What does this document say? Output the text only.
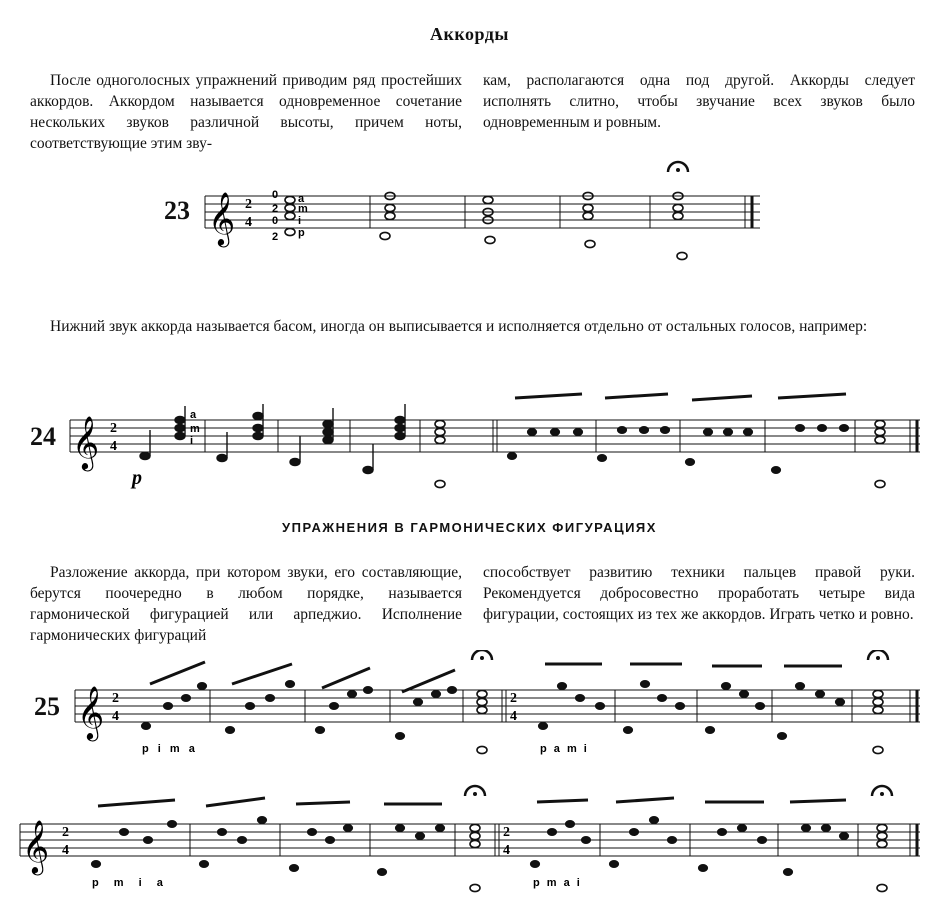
Аккорды

После одноголосных упражнений приводим ряд простейших аккордов. Аккордом называется одновременное сочетание нескольких звуков различной высоты, причем ноты, соответствующие этим зву-

кам, располагаются одна под другой. Аккорды следует исполнять слитно, чтобы звучание всех звуков было одновременным и ровным.

23 𝄞 2
4
0
2
0
2
a
m
i
p
Нижний звук аккорда называется басом, иногда он выписывается и исполняется отдельно от остальных голосов, например:
24 𝄞 2
4
p
a
m
i
УПРАЖНЕНИЯ В ГАРМОНИЧЕСКИХ ФИГУРАЦИЯХ

Разложение аккорда, при котором звуки, его составляющие, берутся поочередно в любом порядке, называется гармонической фигурацией или арпеджио. Исполнение гармонических фигураций

способствует развитию техники пальцев правой руки. Рекомендуется добросовестно проработать четыре вида фигурации, состоящих из тех же аккордов. Играть четко и ровно.

25 𝄞 2
4
2
4
p i m a	p a m i
𝄞 2
4
2
4
p m i a	p m a i
